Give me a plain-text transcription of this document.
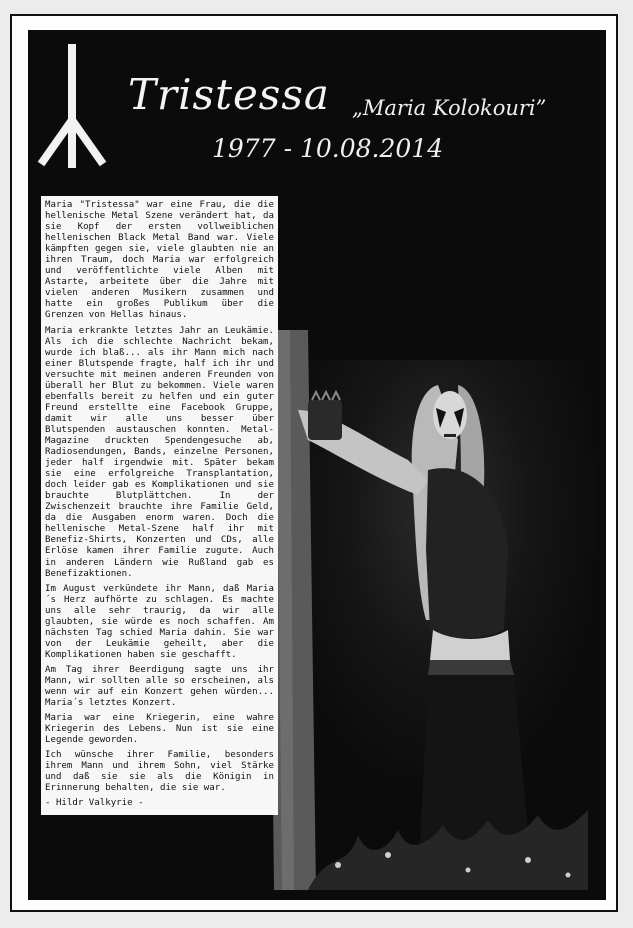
Tristessa „Maria Kolokouri”
1977 - 10.08.2014

Maria "Tristessa" war eine Frau, die die hellenische Metal Szene verändert hat, da sie Kopf der ersten vollweiblichen hellenischen Black Metal Band war. Viele kämpften gegen sie, viele glaubten nie an ihren Traum, doch Maria war erfolgreich und veröffentlichte viele Alben mit Astarte, arbeitete über die Jahre mit vielen anderen Musikern zusammen und hatte ein großes Publikum über die Grenzen von Hellas hinaus.

Maria erkrankte letztes Jahr an Leukämie. Als ich die schlechte Nachricht bekam, wurde ich blaß... als ihr Mann mich nach einer Blutspende fragte, half ich ihr und versuchte mit meinen anderen Freunden von überall her Blut zu bekommen. Viele waren ebenfalls bereit zu helfen und ein guter Freund erstellte eine Facebook Gruppe, damit wir alle uns besser über Blutspenden austauschen konnten. Metal-Magazine druckten Spendengesuche ab, Radiosendungen, Bands, einzelne Personen, jeder half irgendwie mit. Später bekam sie eine erfolgreiche Transplantation, doch leider gab es Komplikationen und sie brauchte Blutplättchen. In der Zwischenzeit brauchte ihre Familie Geld, da die Ausgaben enorm waren. Doch die hellenische Metal-Szene half ihr mit Benefiz-Shirts, Konzerten und CDs, alle Erlöse kamen ihrer Familie zugute. Auch in anderen Ländern wie Rußland gab es Benefizaktionen.

Im August verkündete ihr Mann, daß Maria´s Herz aufhörte zu schlagen. Es machte uns alle sehr traurig, da wir alle glaubten, sie würde es noch schaffen. Am nächsten Tag schied Maria dahin. Sie war von der Leukämie geheilt, aber die Komplikationen haben sie geschafft.

Am Tag ihrer Beerdigung sagte uns ihr Mann, wir sollten alle so erscheinen, als wenn wir auf ein Konzert gehen würden... Maria´s letztes Konzert.

Maria war eine Kriegerin, eine wahre Kriegerin des Lebens. Nun ist sie eine Legende geworden.

Ich wünsche ihrer Familie, besonders ihrem Mann und ihrem Sohn, viel Stärke und daß sie sie als die Königin in Erinnerung behalten, die sie war.

- Hildr Valkyrie -
